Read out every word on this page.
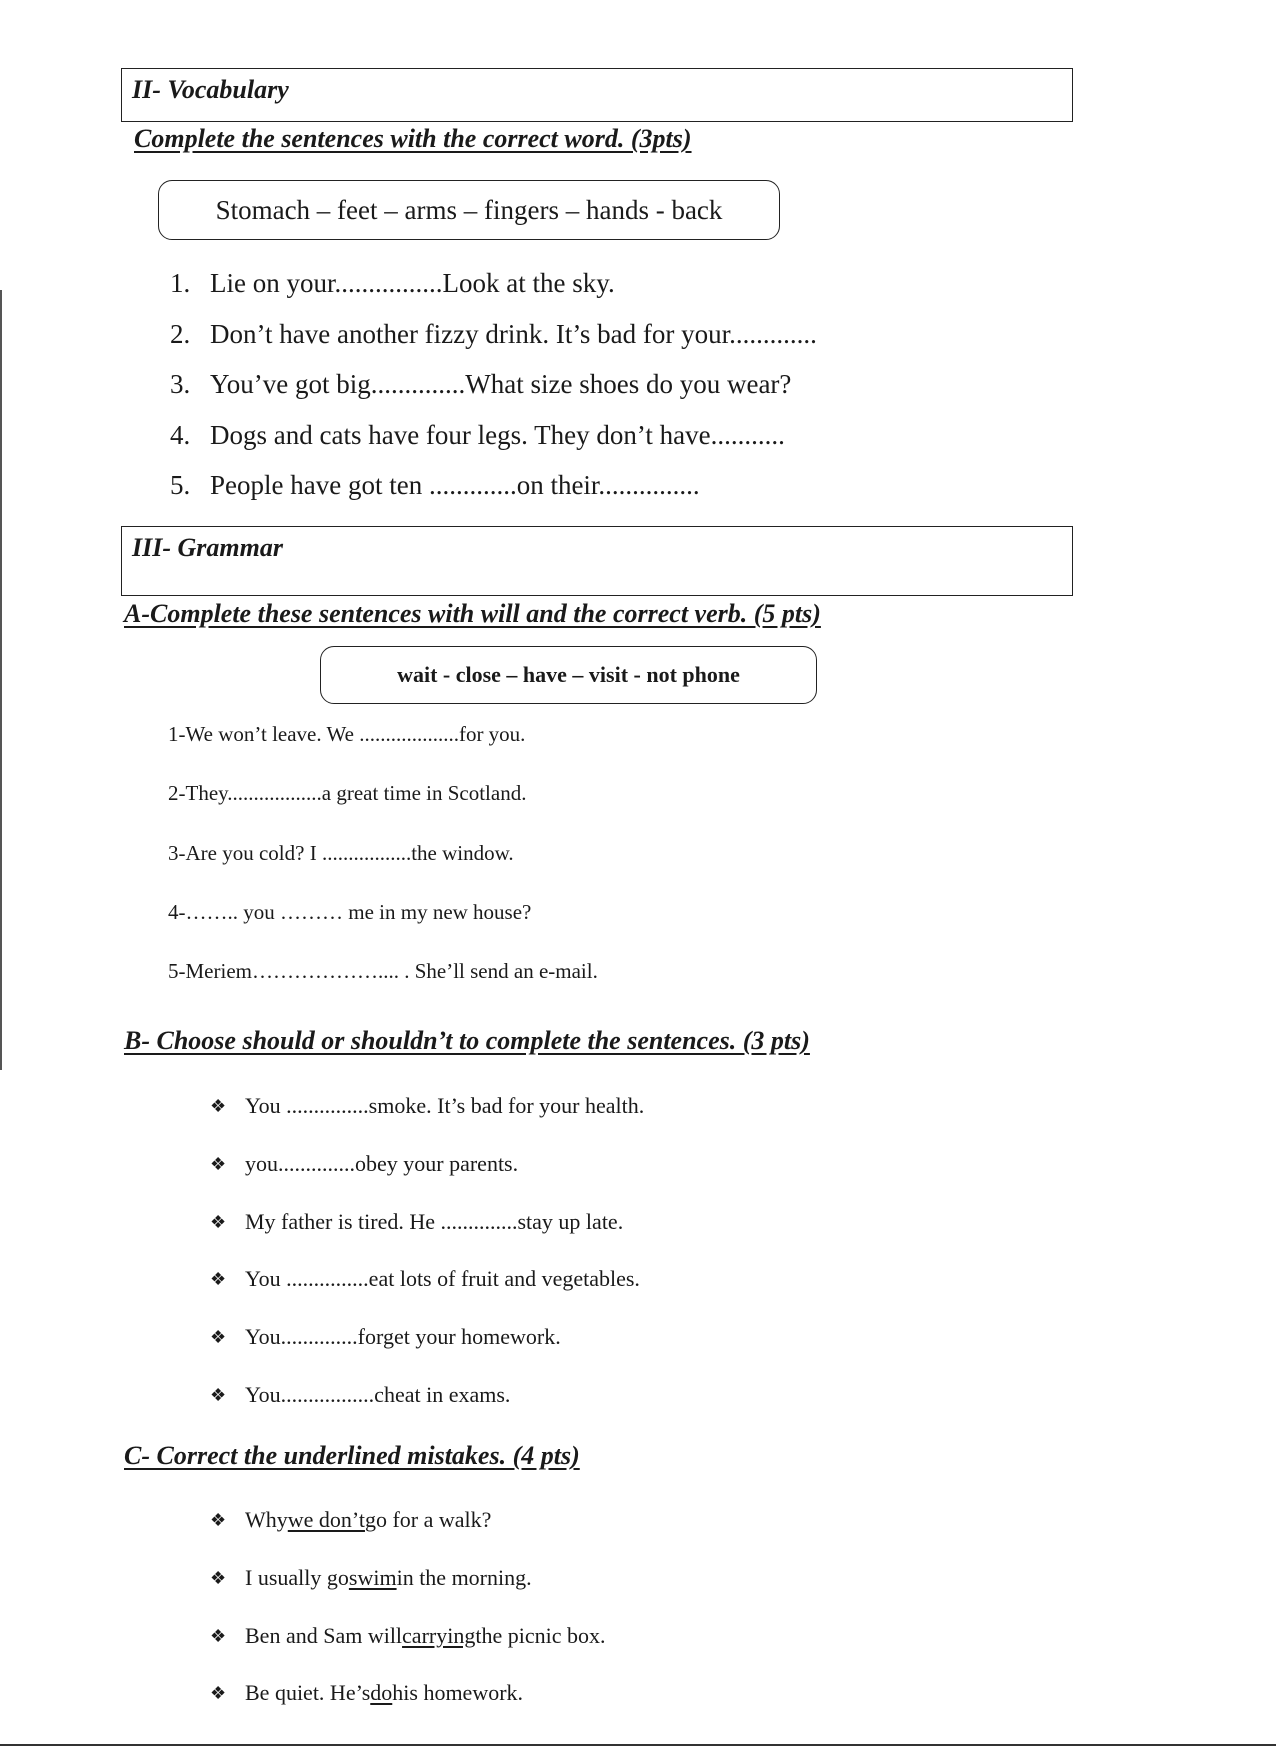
II- Vocabulary
Complete the sentences with the correct word. (3pts)
Stomach – feet – arms – fingers – hands - back
1. Lie on your................Look at the sky.
2. Don’t have another fizzy drink. It’s bad for your.............
3. You’ve got big..............What size shoes do you wear?
4. Dogs and cats have four legs. They don’t have...........
5. People have got ten .............on their...............
III- Grammar
A-Complete these sentences with will and the correct verb. (5 pts)
wait - close – have – visit - not phone
1-We won’t leave. We ...................for you.
2-They..................a great time in Scotland.
3-Are you cold? I .................the window.
4-…….. you ……… me in my new house?
5-Meriem……………….... . She’ll send an e-mail.
B- Choose should or shouldn’t to complete the sentences. (3 pts)
❖ You ...............smoke. It’s bad for your health.
❖ you..............obey your parents.
❖ My father is tired. He ..............stay up late.
❖ You ...............eat lots of fruit and vegetables.
❖ You..............forget your homework.
❖ You.................cheat in exams.
C- Correct the underlined mistakes. (4 pts)
❖ Why we don’t go for a walk?
❖ I usually go swim in the morning.
❖ Ben and Sam will carrying the picnic box.
❖ Be quiet. He’s do his homework.
